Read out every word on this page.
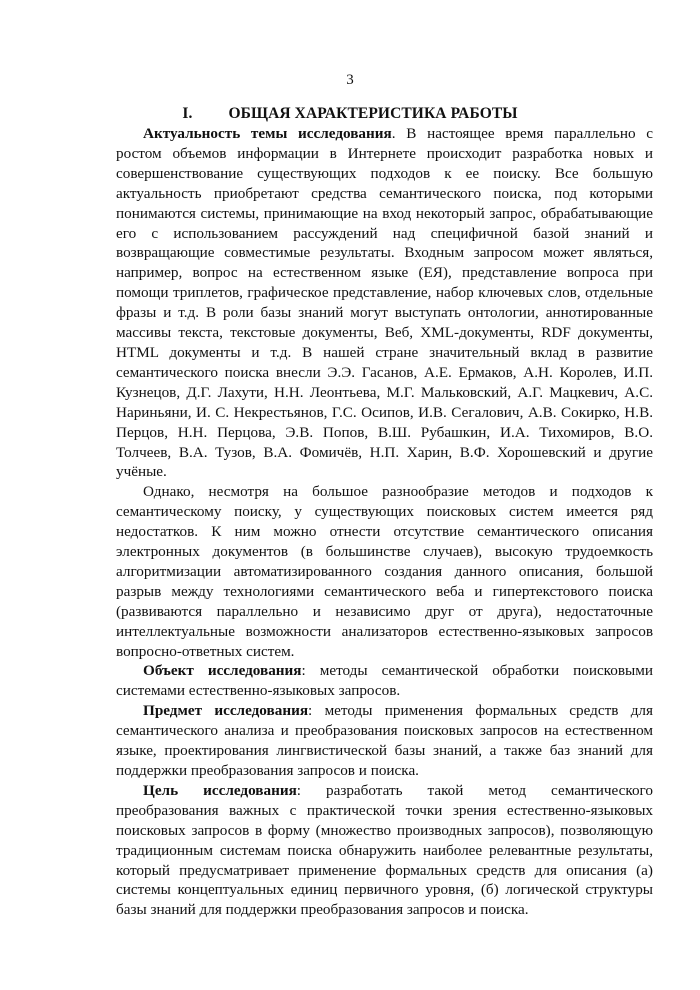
3
I. ОБЩАЯ ХАРАКТЕРИСТИКА РАБОТЫ

Актуальность темы исследования. В настоящее время параллельно с ростом объемов информации в Интернете происходит разработка новых и совершенствование существующих подходов к ее поиску. Все большую актуальность приобретают средства семантического поиска, под которыми понимаются системы, принимающие на вход некоторый запрос, обрабатывающие его с использованием рассуждений над специфичной базой знаний и возвращающие совместимые результаты. Входным запросом может являться, например, вопрос на естественном языке (ЕЯ), представление вопроса при помощи триплетов, графическое представление, набор ключевых слов, отдельные фразы и т.д. В роли базы знаний могут выступать онтологии, аннотированные массивы текста, текстовые документы, Веб, XML-документы, RDF документы, HTML документы и т.д. В нашей стране значительный вклад в развитие семантического поиска внесли Э.Э. Гасанов, А.Е. Ермаков, А.Н. Королев, И.П. Кузнецов, Д.Г. Лахути, Н.Н. Леонтьева, М.Г. Мальковский, А.Г. Мацкевич, А.С. Нариньяни, И. С. Некрестьянов, Г.С. Осипов, И.В. Сегалович, А.В. Сокирко, Н.В. Перцов, Н.Н. Перцова, Э.В. Попов, В.Ш. Рубашкин, И.А. Тихомиров, В.О. Толчеев, В.А. Тузов, В.А. Фомичёв, Н.П. Харин, В.Ф. Хорошевский и другие учёные.

Однако, несмотря на большое разнообразие методов и подходов к семантическому поиску, у существующих поисковых систем имеется ряд недостатков. К ним можно отнести отсутствие семантического описания электронных документов (в большинстве случаев), высокую трудоемкость алгоритмизации автоматизированного создания данного описания, большой разрыв между технологиями семантического веба и гипертекстового поиска (развиваются параллельно и независимо друг от друга), недостаточные интеллектуальные возможности анализаторов естественно-языковых запросов вопросно-ответных систем.

Объект исследования: методы семантической обработки поисковыми системами естественно-языковых запросов.

Предмет исследования: методы применения формальных средств для семантического анализа и преобразования поисковых запросов на естественном языке, проектирования лингвистической базы знаний, а также баз знаний для поддержки преобразования запросов и поиска.

Цель исследования: разработать такой метод семантического преобразования важных с практической точки зрения естественно-языковых поисковых запросов в форму (множество производных запросов), позволяющую традиционным системам поиска обнаружить наиболее релевантные результаты, который предусматривает применение формальных средств для описания (а) системы концептуальных единиц первичного уровня, (б) логической структуры базы знаний для поддержки преобразования запросов и поиска.
